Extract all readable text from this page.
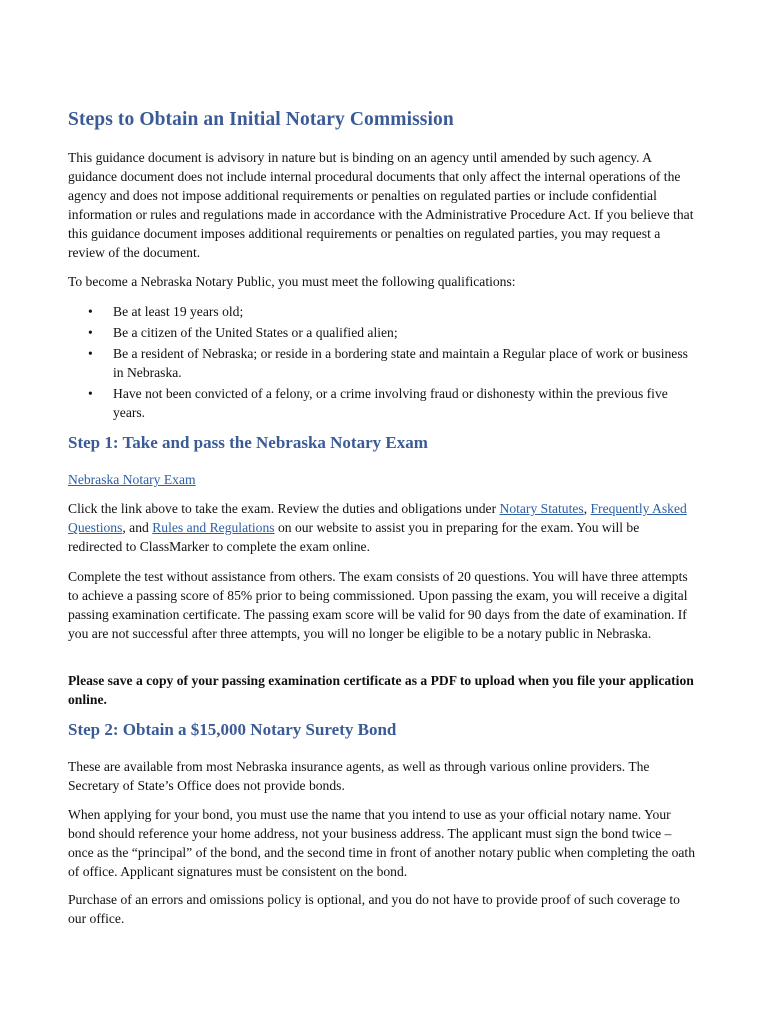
Steps to Obtain an Initial Notary Commission

This guidance document is advisory in nature but is binding on an agency until amended by such agency. A guidance document does not include internal procedural documents that only affect the internal operations of the agency and does not impose additional requirements or penalties on regulated parties or include confidential information or rules and regulations made in accordance with the Administrative Procedure Act. If you believe that this guidance document imposes additional requirements or penalties on regulated parties, you may request a review of the document.

To become a Nebraska Notary Public, you must meet the following qualifications:

• Be at least 19 years old;
• Be a citizen of the United States or a qualified alien;
• Be a resident of Nebraska; or reside in a bordering state and maintain a Regular place of work or business in Nebraska.
• Have not been convicted of a felony, or a crime involving fraud or dishonesty within the previous five years.
Step 1: Take and pass the Nebraska Notary Exam

Nebraska Notary Exam

Click the link above to take the exam. Review the duties and obligations under Notary Statutes, Frequently Asked Questions, and Rules and Regulations on our website to assist you in preparing for the exam. You will be redirected to ClassMarker to complete the exam online.

Complete the test without assistance from others. The exam consists of 20 questions. You will have three attempts to achieve a passing score of 85% prior to being commissioned. Upon passing the exam, you will receive a digital passing examination certificate. The passing exam score will be valid for 90 days from the date of examination. If you are not successful after three attempts, you will no longer be eligible to be a notary public in Nebraska.

Please save a copy of your passing examination certificate as a PDF to upload when you file your application online.

Step 2: Obtain a $15,000 Notary Surety Bond

These are available from most Nebraska insurance agents, as well as through various online providers. The Secretary of State’s Office does not provide bonds.

When applying for your bond, you must use the name that you intend to use as your official notary name. Your bond should reference your home address, not your business address. The applicant must sign the bond twice – once as the “principal” of the bond, and the second time in front of another notary public when completing the oath of office. Applicant signatures must be consistent on the bond.

Purchase of an errors and omissions policy is optional, and you do not have to provide proof of such coverage to our office.
